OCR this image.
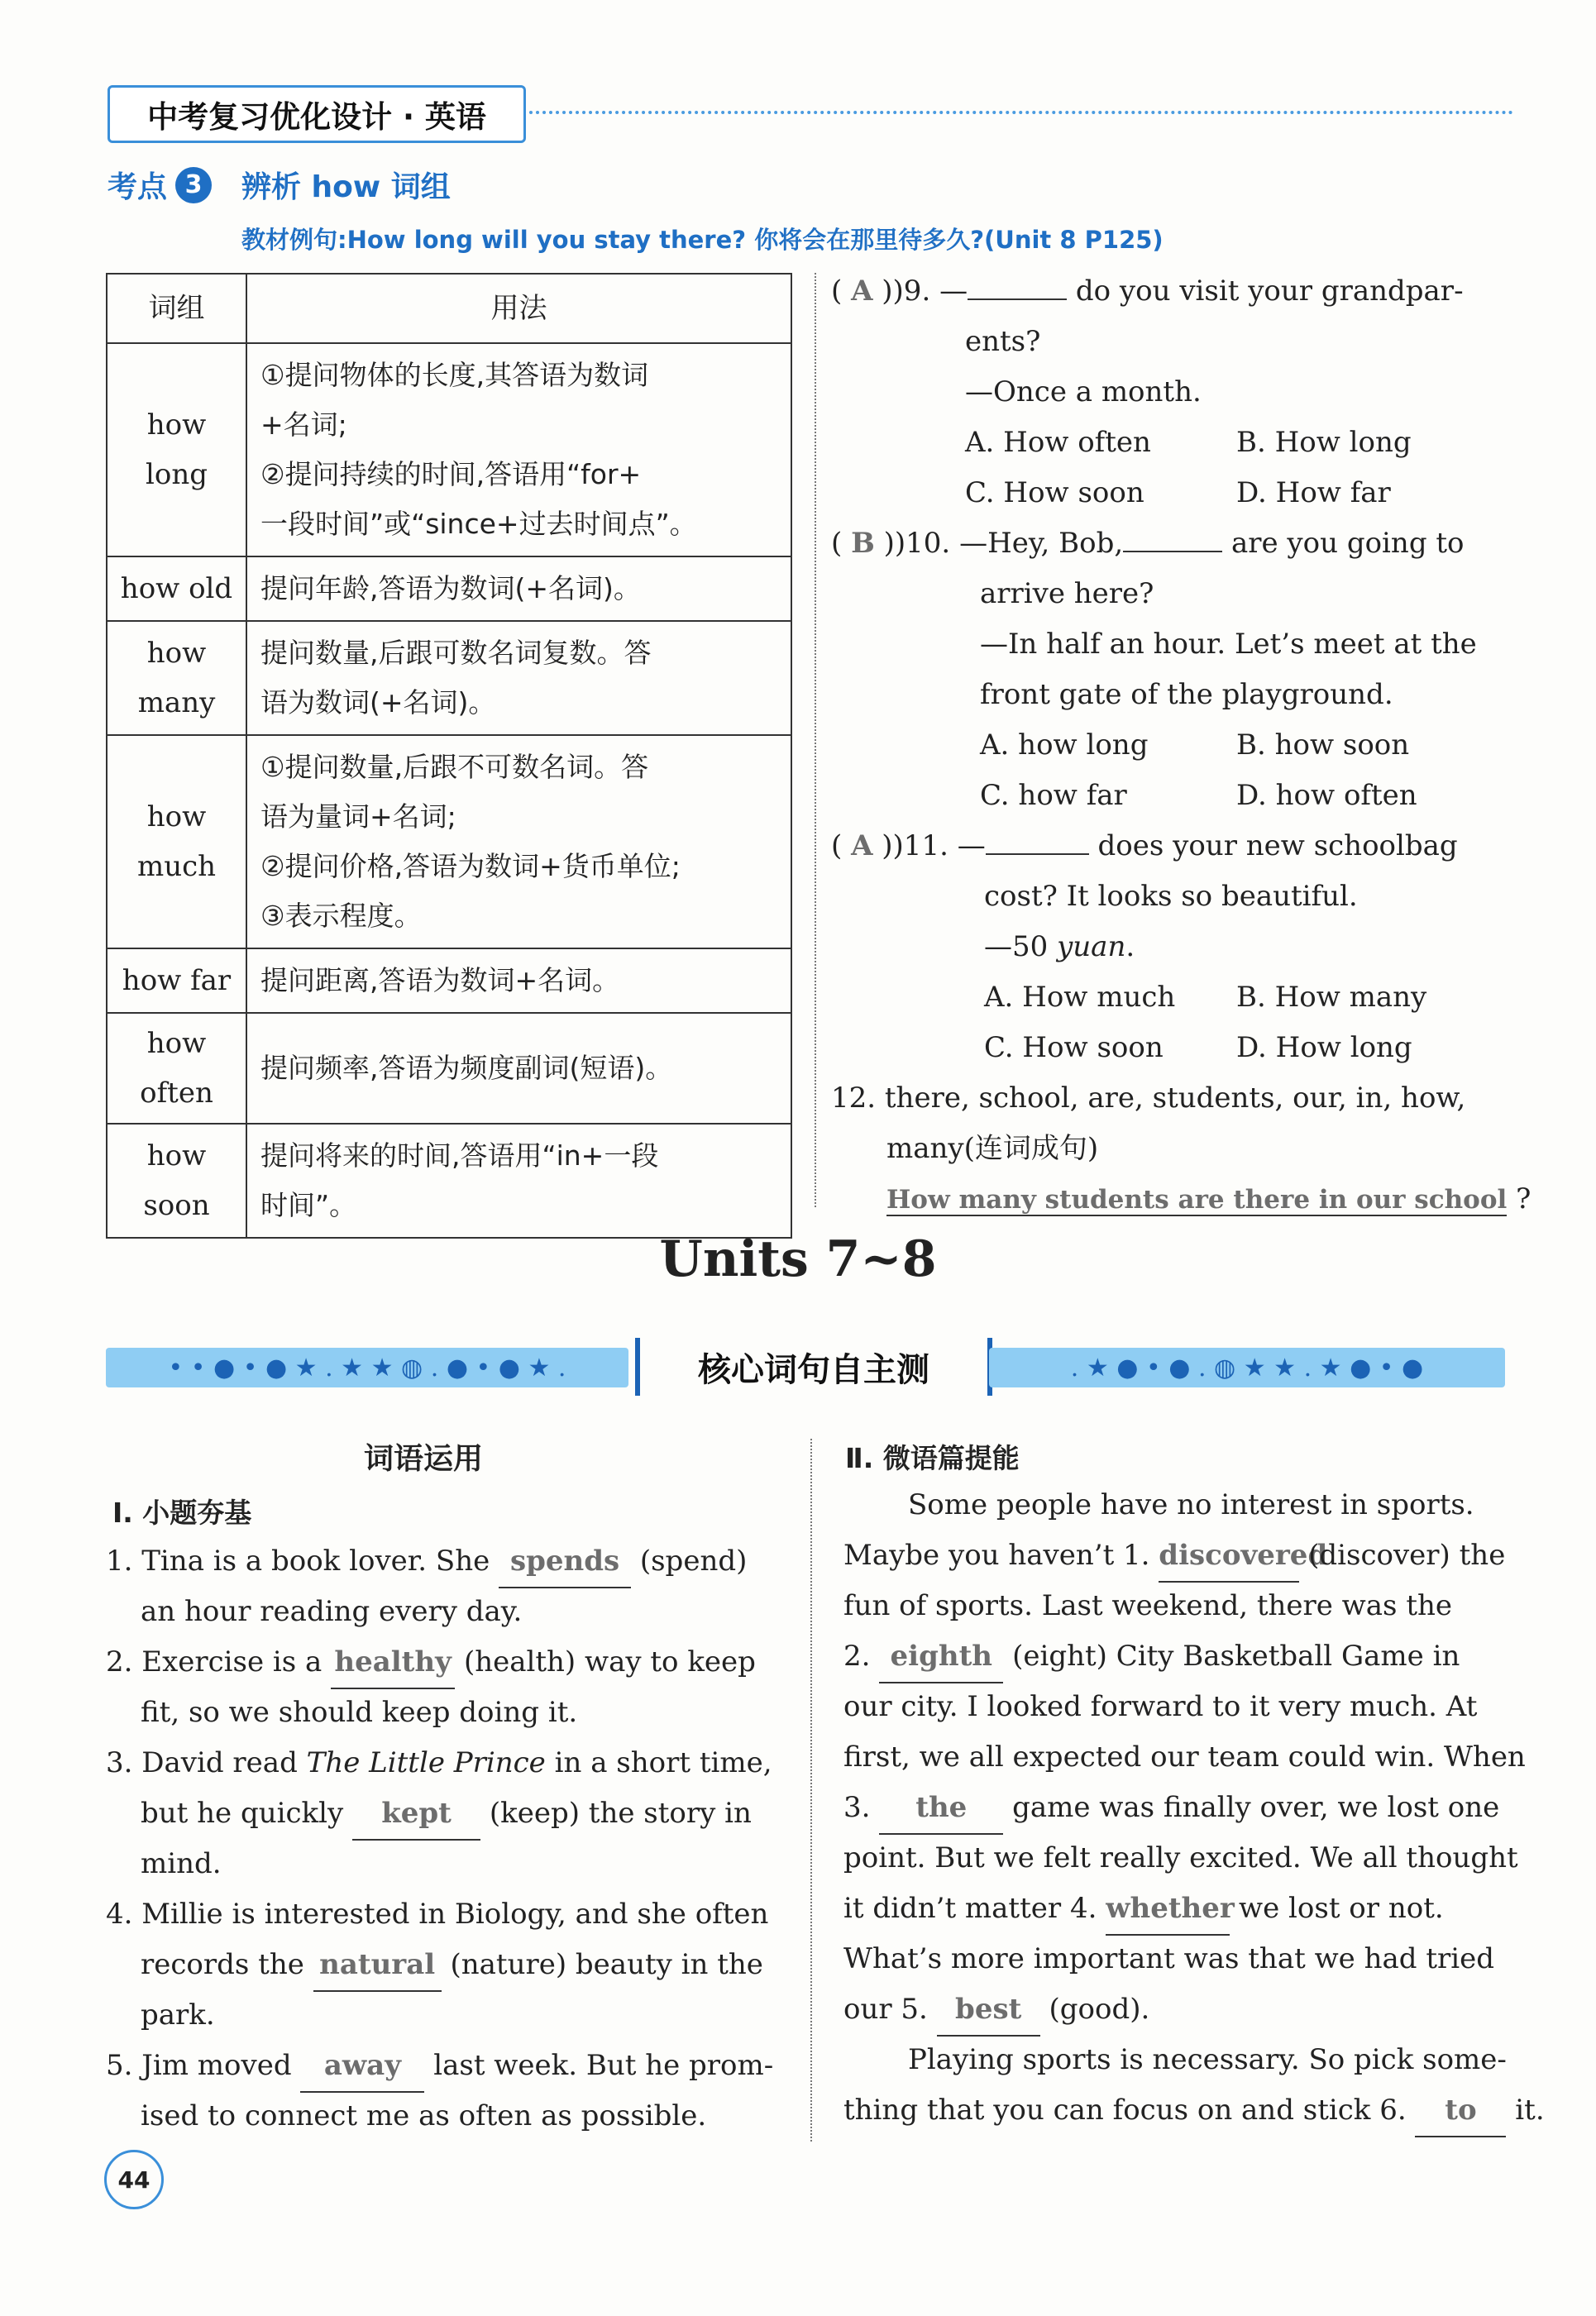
中考复习优化设计 · 英语
考点 3	辨析 how 词组
教材例句:How long will you stay there? 你将会在那里待多久?(Unit 8 P125)
词组	用法
how long	①提问物体的长度,其答语为数词
+名词;
②提问持续的时间,答语用“for+
一段时间”或“since+过去时间点”。

how old	提问年龄,答语为数词(+名词)。

how many	提问数量,后跟可数名词复数。答
语为数词(+名词)。

how much	①提问数量,后跟不可数名词。答
语为量词+名词;
②提问价格,答语为数词+货币单位;
③表示程度。

how far	提问距离,答语为数词+名词。

how often	提问频率,答语为频度副词(短语)。

how soon	提问将来的时间,答语用“in+一段
时间”。
( A ))9. —	do you visit your grandpar-
ents?
—Once a month.
A. How often	B. How long
C. How soon	D. How far
( B ))10. —Hey, Bob,	are you going to
arrive here?
—In half an hour. Let’s meet at the
front gate of the playground.
A. how long	B. how soon
C. how far	D. how often
( A ))11. —	does your new schoolbag
cost? It looks so beautiful.
—50 yuan.
A. How much B. How many
C. How soon	D. How long
12. there, school, are, students, our, in, how,
many(连词成句)
How many students are there in our school ?
Units 7~8
• • ● • ● ★ . ★ ★ ◍ . ● • ● ★ .	核心词句自主测	. ★ ● • ● . ◍ ★ ★ . ★ ● • ●
词语运用
Ⅰ. 小题夯基
1. Tina is a book lover. She spends (spend)
an hour reading every day.
2. Exercise is a healthy (health) way to keep
fit, so we should keep doing it.
3. David read The Little Prince in a short time,
but he quickly kept (keep) the story in
mind.
4. Millie is interested in Biology, and she often
records the natural (nature) beauty in the
park.
5. Jim moved away last week. But he prom-
ised to connect me as often as possible.
Ⅱ. 微语篇提能
Some people have no interest in sports.
Maybe you haven’t 1. discovered (discover) the
fun of sports. Last weekend, there was the
2. eighth (eight) City Basketball Game in
our city. I looked forward to it very much. At
first, we all expected our team could win. When
3. the game was finally over, we lost one
point. But we felt really excited. We all thought
it didn’t matter 4. whether we lost or not.
What’s more important was that we had tried
our 5. best (good).
Playing sports is necessary. So pick some-
thing that you can focus on and stick 6. to it.
44
